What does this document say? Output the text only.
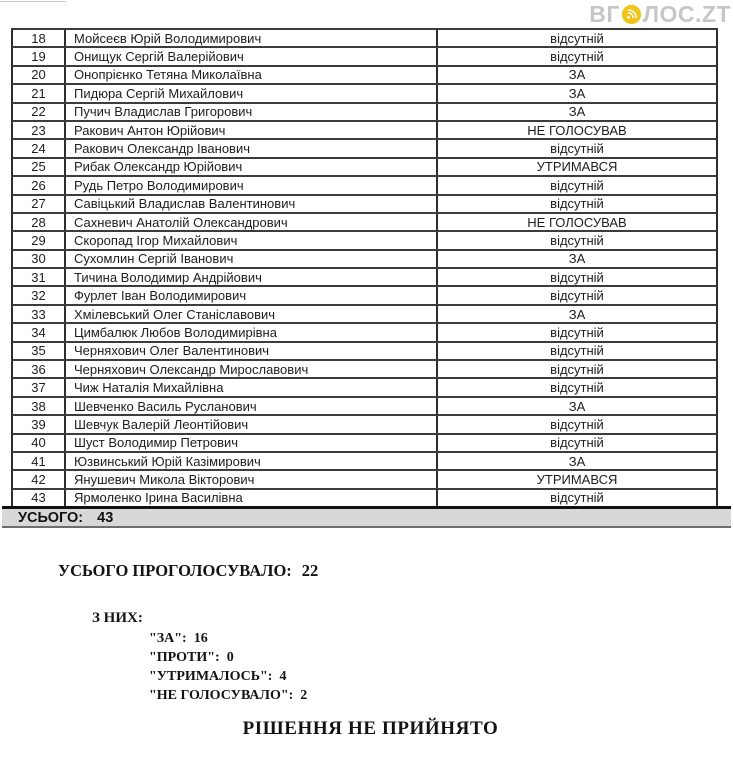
ВГ ЛОС.ZT
18	Мойсеєв Юрій Володимирович	відсутній
19	Онищук Сергій Валерійович	відсутній
20	Онопрієнко Тетяна Миколаївна	ЗА
21	Пидюра Сергій Михайлович	ЗА
22	Пучич Владислав Григорович	ЗА
23	Ракович Антон Юрійович	НЕ ГОЛОСУВАВ
24	Ракович Олександр Іванович	відсутній
25	Рибак Олександр Юрійович	УТРИМАВСЯ
26	Рудь Петро Володимирович	відсутній
27	Савіцький Владислав Валентинович	відсутній
28	Сахневич Анатолій Олександрович	НЕ ГОЛОСУВАВ
29	Скоропад Ігор Михайлович	відсутній
30	Сухомлин Сергій Іванович	ЗА
31	Тичина Володимир Андрійович	відсутній
32	Фурлет Іван Володимирович	відсутній
33	Хмілевський Олег Станіславович	ЗА
34	Цимбалюк Любов Володимирівна	відсутній
35	Черняхович Олег Валентинович	відсутній
36	Черняхович Олександр Мирославович	відсутній
37	Чиж Наталія Михайлівна	відсутній
38	Шевченко Василь Русланович	ЗА
39	Шевчук Валерій Леонтійович	відсутній
40	Шуст Володимир Петрович	відсутній
41	Юзвинський Юрій Казімирович	ЗА
42	Янушевич Микола Вікторович	УТРИМАВСЯ
43	Ярмоленко Ірина Василівна	відсутній
УСЬОГО: 43
УСЬОГО ПРОГОЛОСУВАЛО: 22
З НИХ:
"ЗА": 16
"ПРОТИ": 0
"УТРИМАЛОСЬ": 4
"НЕ ГОЛОСУВАЛО": 2
РІШЕННЯ НЕ ПРИЙНЯТО
